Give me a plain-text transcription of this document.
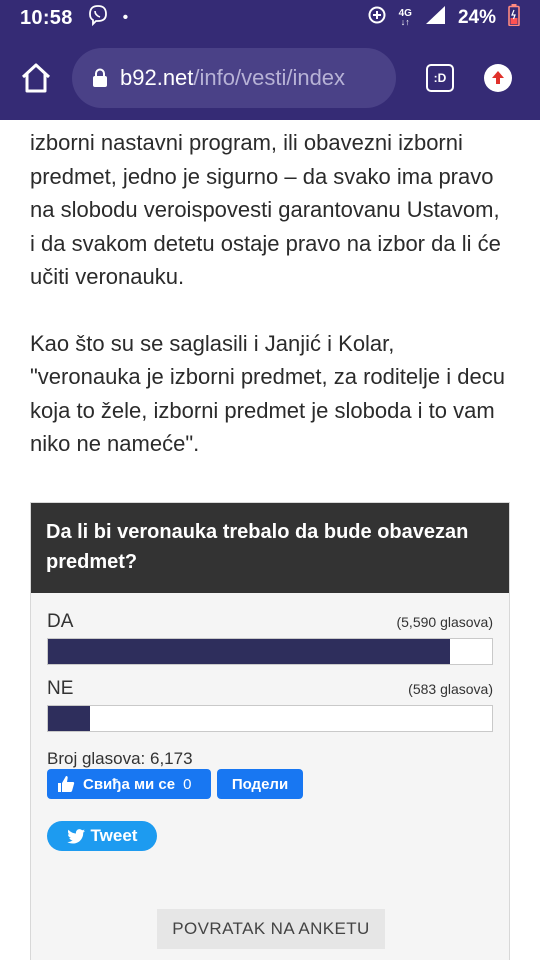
10:58	•	4G
↓↑	24%
b92.net /info/vesti/index	:D

izborni nastavni program, ili obavezni izborni predmet, jedno je sigurno – da svako ima pravo na slobodu veroispovesti garantovanu Ustavom, i da svakom detetu ostaje pravo na izbor da li će učiti veronauku.

Kao što su se saglasili i Janjić i Kolar, "veronauka je izborni predmet, za roditelje i decu koja to žele, izborni predmet je sloboda i to vam niko ne nameće".

Da li bi veronauka trebalo da bude obavezan predmet?
DA	(5,590 glasova)
NE	(583 glasova)
Broj glasova: 6,173
Свиђа ми се 0	Подели
Tweet
POVRATAK NA ANKETU
